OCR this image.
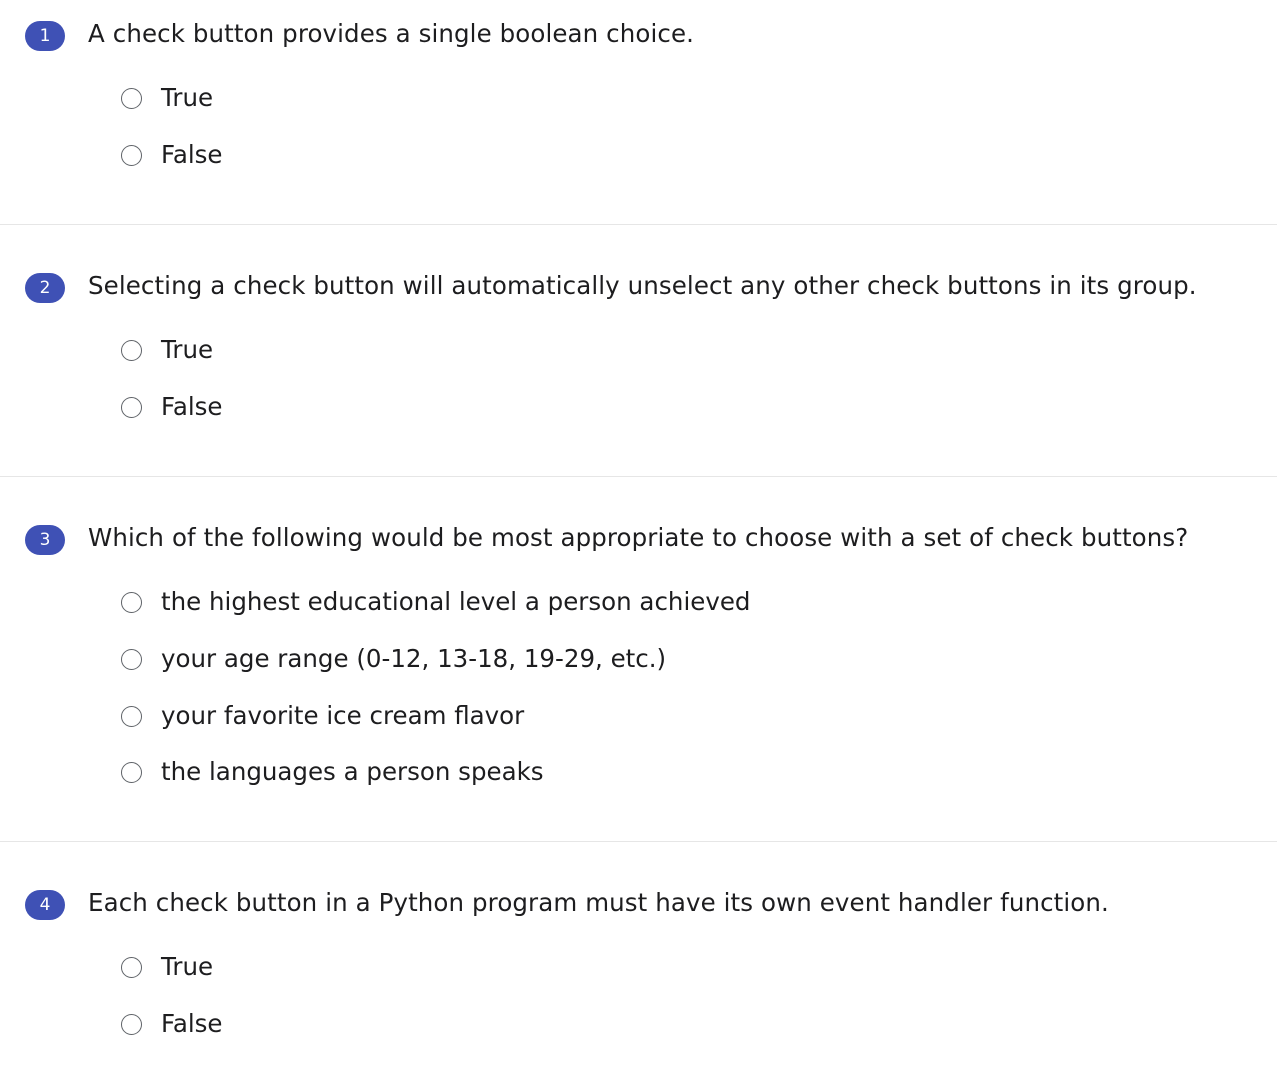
1	A check button provides a single boolean choice.
True
False
2	Selecting a check button will automatically unselect any other check buttons in its group.
True
False
3	Which of the following would be most appropriate to choose with a set of check buttons?
the highest educational level a person achieved
your age range (0-12, 13-18, 19-29, etc.)
your favorite ice cream flavor
the languages a person speaks
4	Each check button in a Python program must have its own event handler function.
True
False
